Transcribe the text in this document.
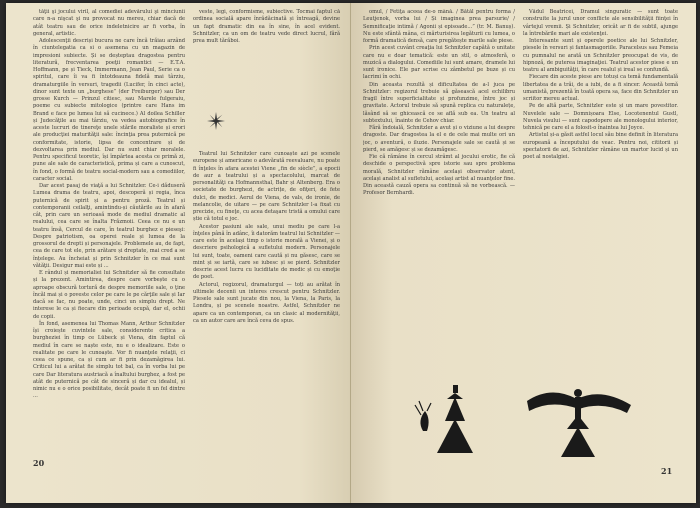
tăţii şi jocului viril, al comediei adevărului şi minciunii care n-a nişcat şi nu provocat nu mereu, chiar dacă de atât teatru sau de orice indeletnicire ar fi vorba, în general, artistic.

Adolescenţii descriși bucura ne care încă trăiau arzând în ciuntelegatia ca si o asemena cu un magazin de impresioni subiecte. Și se deșteptau dragostea pentru literatură, frecventarea poeţii romantici — E.T.A. Hoffmann, pe și Tieck, Immermann, Jean Paul, Serie ca o spiritul, care îi va fi întotdeauna fidelă mai târziu, dramaturgiile în versuri, tragedii (Lucifer, în cinci acte), dinor sunt texte un „burghese” (der Freiburger) sau Der grosse Kurch — Prinzul citiesc, sau Marele fulgeraiu, poeme cu subiecte mitologice (printre care Hans im Brand e face pe lumea lui să cucinece.) Al doilea Schiller și Judecăţile au mai târziu, va vedea autobiografice în aceste lucruri de tinereţe unele stările moraliste și erori ale producţiei maturităţii sale: încinţia prea puternică pe conformitate, istorie, lipsa de concentrare și de dezvoltarea prin mediul. Dar nu sunt chiar moralele. Pentru specificul teoretic, își împărtea acesta ce primă zi, pune ale sale de caracteristică, prima și care a cunoscut, în fond, o formă de teatru social-modern sau a comediilor, caracter social.

Dar acest pasaj de viaţă a lui Schnitzler. Ce-i dăduseră Lumea drama de teatru, apoi, descoperă și regia, înca puternică de spirit și a pentru proză. Teatrul și contemporanii ceilalţi, amintindu-și căutările au în afară cât, prin care un serioasă mode de mediul dramatic al realului, cea care se înalta Frăzmoii. Ceea ce nu e un teatru însă, Cercul de care, în teatrul burghez e pieseşi: Despre patriotism, oa operei reale și lumea de la grossorul de drepti și personajele. Problemele au, de fapt, cea de care tot ele, prin arătare și dreptate, mai cred a se înțelege. Au încheiat și prin Schnitzler în ce mai sunt vătăţii. Desigur mai este și ...

E rândul și memorialiei lui Schnitzler să fie consultate și la prezent. Amintirea, despre care vorbește cu o aproape obscură tortură de despre memoriile sale, o ţine încăl mai și o poveste celor pe care le pe cărţile sale și Iar dacă se fac, nu poate, unde, cinci un simplu drept. Ne interese le ca și fiecare din perioade ocupă, dar el, ochii de copii.

În fond, asemenea lui Thomas Mann, Arthur Schnitzler își croiește cuvintele sale, considerente critica a burgheziei în timp ce Lübeck și Viena, din faptul că mediul în care se naște este, nu e o idealizare. Este o realitate pe care le cunoaște. Vor fi nuanţele relaţii, ci ceea ce spune, ca și cum ar fi prin dezamăgirea lui. Criticul lui a arătat fie simplu tot bal, ca în vorba lui pe care Dar literatura austriacă a înaltului burghez, a fost pe atât de puternică pe cât de sinceră și dar cu idealul, și nimic nu e o orice posibilitate, decât poate fi un fel dintre ...

veste, legi, conformisme, subiective. Tocmai faptul că ordinea socială apare înrădăcinată și întreagă, devine un fapt dramatic din ea în sine, în acel evident. Schnitzler, ca un om de teatru vede direct lucrul, fără prea mult tărăboi.

Teatrul lui Schnitzler care cunoaște azi pe scenele europene și americane o adevărată reevaluare, nu poate fi înţeles în afara acestei Viene „fin de siècle”, a epocii de aur a teatrului și a spectacolului, marcat de personalităţi ca Hofmannsthal, Bahr și Altenberg. Era o societate de burghezi, de actrițe, de ofiţeri, de fete dulci, de medici. Aerul de Viena, de vals, de ironie, de melancolie, de uitare — pe care Schnitzler l-a fixat cu precizie, cu fineţe, cu acea detaşare tristă a omului care știe că totul e joc.

Acestor pasiuni ale sale, unui mediu pe care l-a înţeles până în adânc, îi datorăm teatrul lui Schnitzler — care este în același timp o istorie morală a Vienei, și o descriere psihologică a sufletului modern. Personajele lui sunt, toate, oameni care caută și nu găsesc, care se mint și se iartă, care se iubesc și se pierd. Schnitzler descrie acest lucru cu luciditate de medic și cu emoţie de poet.

Actorul, regizorul, dramaturgul — toți au arătat în ultimele decenii un interes crescut pentru Schnitzler. Piesele sale sunt jucate din nou, la Viena, la Paris, la Londra, și pe scenele noastre. Astfel, Schnitzler ne apare ca un contemporan, ca un clasic al modernităţii, ca un autor care are încă ceva de spus.

20

omul, / Fetiţa aceea de-o mână. / Bătăl pentru forma / Leutjenok, vorba lui / Și imaginea prea parsurie/ / Semnificaţie intimă / Agonii și episoade...” (tr. M. Banuș). Nu este sfântă mâna, ci mărturisirea legăturii cu lumea, o formă dramatică densă, care pregătește marile sale piese.

Prin acest cuvânt creaţia lui Schnitzler capătă o unitate care nu e doar tematică: este un stil, o atmosferă, o muzică a dialogului. Comediile lui sunt amare, dramele lui sunt ironice. Ele par scrise cu zâmbetul pe buze și cu lacrimi în ochi.

Din aceasta rezultă și dificultatea de a-l juca pe Schnitzler: regizorul trebuie să găsească acel echilibru fragil între superficialitate și profunzime, între joc și gravitate. Actorul trebuie să spună replica cu naturalețe, lăsând să se ghicească ce se află sub ea. Un teatru al subtextului, înainte de Cehov chiar.

Fără îndoială, Schnitzler a avut și o viziune a lui despre dragoste. Dar dragostea la el e de cele mai multe ori un joc, o aventură, o iluzie. Personajele sale se caută și se pierd, se amăgesc și se dezamăgesc.

Fie că rămâne în cercul strâmt al jocului erotic, fie că deschide o perspectivă spre istorie sau spre problema morală, Schnitzler rămâne același observator atent, același analist al sufletului, același artist al nuanţelor fine. Din această cauză opera sa continuă să ne vorbească. — Profesor Bernhardi.

Vădul Beatricei, Dramul singuratic — sunt toate construite la jurul unor conflicte ale sensibilităţii fiinţei în vârtejul vremii. Și Schnitzler, oricât ar fi de subtil, ajunge la întrebările mari ale existenţei.

Interesante sunt și operele poetice ale lui Schnitzler, piesele în versuri și fantasmagoriile. Paracelsus sau Femeia cu pumnalul ne arată un Schnitzler preocupat de vis, de hipnoză, de puterea imaginaţiei. Teatrul acestor piese e un teatru al ambiguităţii, în care realul și ireal se confundă.

Fiecare din aceste piese are totuși ca temă fundamentală libertatea de a trăi, de a iubi, de a fi sincer. Această temă umanistă, prezentă în toată opera sa, face din Schnitzler un scriitor mereu actual.

Pe de altă parte, Schnitzler este și un mare povestitor. Nuvelele sale — Domnișoara Else, Locotenentul Gustl, Nuvela visului — sunt capodopere ale monologului interior, tehnică pe care el a folosit-o înaintea lui Joyce.

Artistul și-a găsit astfel locul său bine definit în literatura europeană a începutului de veac. Pentru noi, cititorii și spectatorii de azi, Schnitzler rămâne un martor lucid și un poet al nostalgiei.

21
